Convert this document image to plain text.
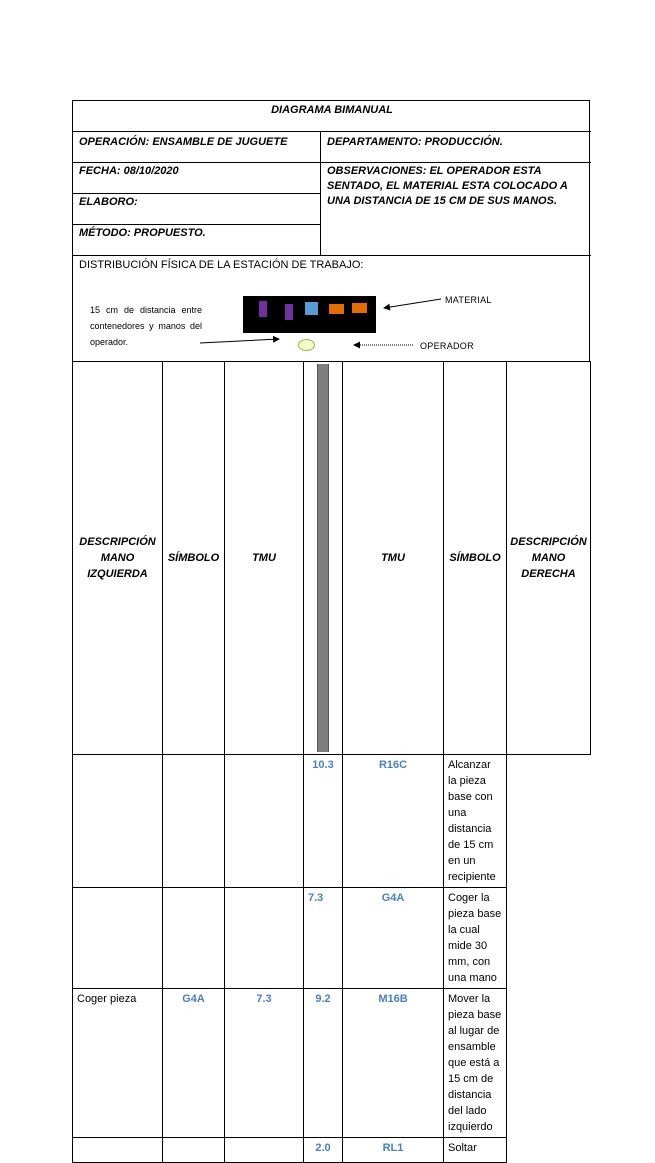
DIAGRAMA BIMANUAL
OPERACIÓN: ENSAMBLE DE JUGUETE	DEPARTAMENTO: PRODUCCIÓN.
FECHA: 08/10/2020	OBSERVACIONES: EL OPERADOR ESTA SENTADO, EL MATERIAL ESTA COLOCADO A UNA DISTANCIA DE 15 CM DE SUS MANOS.
ELABORO:
MÉTODO: PROPUESTO.
DISTRIBUCIÓN FÍSICA DE LA ESTACIÓN DE TRABAJO:
15 cm de distancia entre contenedores y manos del operador.
MATERIAL
OPERADOR
DESCRIPCIÓN MANO IZQUIERDA	SÍMBOLO	TMU		TMU	SÍMBOLO	DESCRIPCIÓN MANO DERECHA
			10.3	R16C	Alcanzar la pieza base con una distancia de 15 cm en un recipiente	
			7.3	G4A	Coger la pieza base la cual mide 30 mm, con una mano	
Coger pieza	G4A	7.3	9.2	M16B	Mover la pieza base al lugar de ensamble que está a 15 cm de distancia del lado izquierdo	
			2.0	RL1	Soltar	
